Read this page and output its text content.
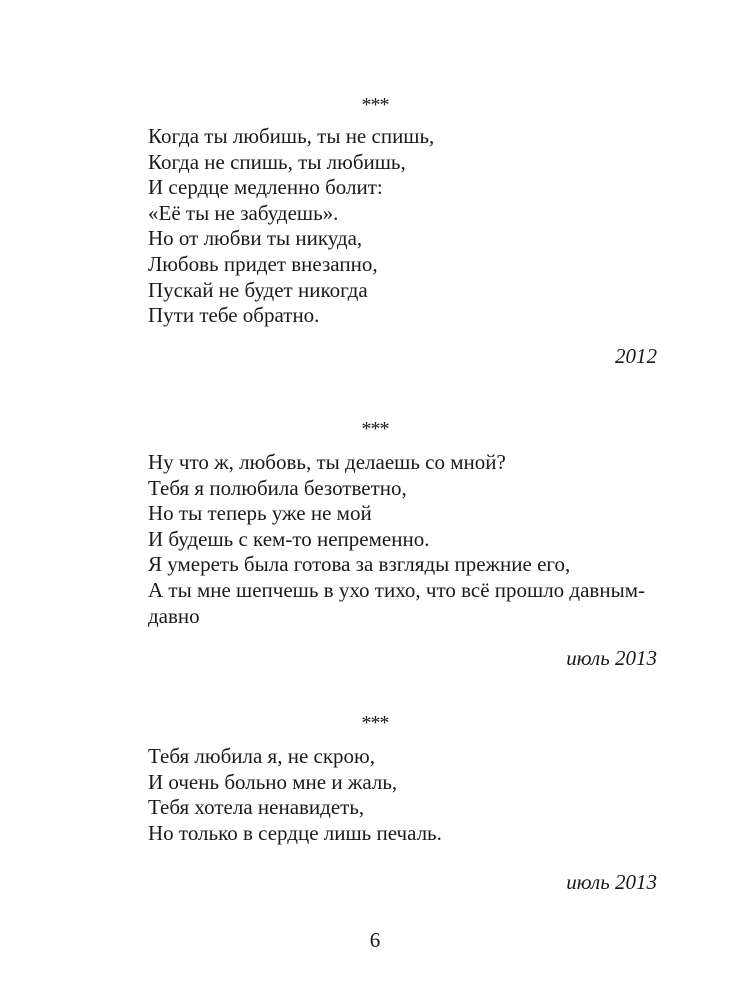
***
Когда ты любишь, ты не спишь,
Когда не спишь, ты любишь,
И сердце медленно болит:
«Её ты не забудешь».
Но от любви ты никуда,
Любовь придет внезапно,
Пускай не будет никогда
Пути тебе обратно.
2012
***
Ну что ж, любовь, ты делаешь со мной?
Тебя я полюбила безответно,
Но ты теперь уже не мой
И будешь с кем-то непременно.
Я умереть была готова за взгляды прежние его,
А ты мне шепчешь в ухо тихо, что всё прошло давным-
давно
июль 2013
***
Тебя любила я, не скрою,
И очень больно мне и жаль,
Тебя хотела ненавидеть,
Но только в сердце лишь печаль.
июль 2013
6
